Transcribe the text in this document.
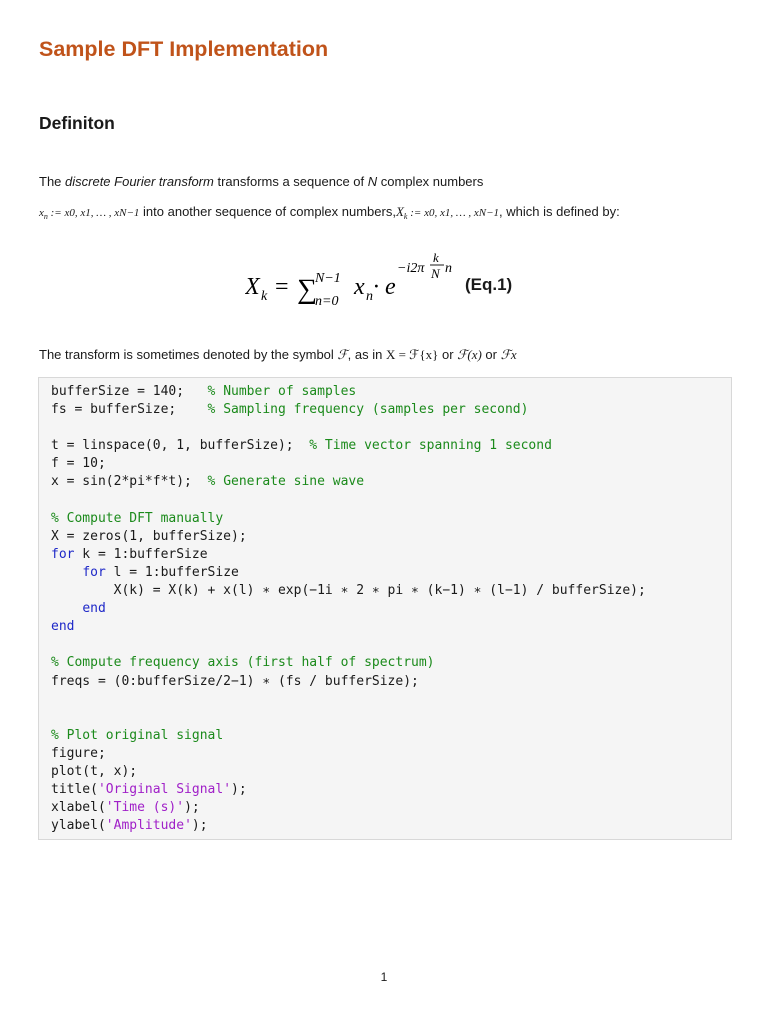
Sample DFT Implementation
Definiton
The discrete Fourier transform transforms a sequence of N complex numbers
$x_n$ := x0, x1, … , xN−1 into another sequence of complex $numbers,X_k$ := x0, x1, … , xN−1, which is defined by:
X k = ∑
N−1
n=0
x n · e
−i2π
k
N n
(Eq.1)
The transform is sometimes denoted by the symbol ℱ, as in X = ℱ{x} or ℱ(x) or ℱx
bufferSize = 140;   % Number of samples
fs = bufferSize;    % Sampling frequency (samples per second)

t = linspace(0, 1, bufferSize);  % Time vector spanning 1 second
f = 10;
x = sin(2*pi*f*t);  % Generate sine wave

% Compute DFT manually
X = zeros(1, bufferSize);
for k = 1:bufferSize
for l = 1:bufferSize
X(k) = X(k) + x(l) ∗ exp(−1i ∗ 2 ∗ pi ∗ (k−1) ∗ (l−1) / bufferSize);
end
end

% Compute frequency axis (first half of spectrum)
freqs = (0:bufferSize/2−1) ∗ (fs / bufferSize);

% Plot original signal
figure;
plot(t, x);
title('Original Signal');
xlabel('Time (s)');
ylabel('Amplitude');
1
